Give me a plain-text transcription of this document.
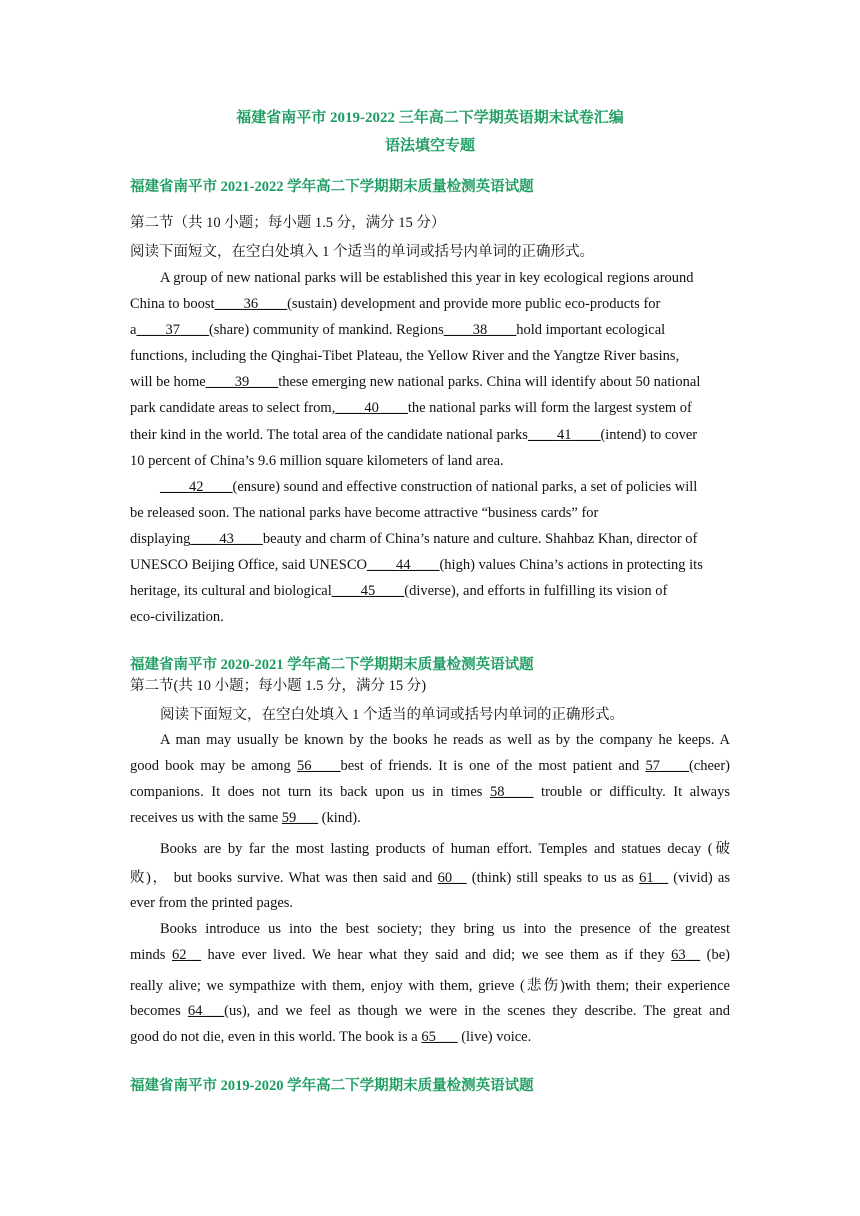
福建省南平市 2019-2022 三年高二下学期英语期末试卷汇编
语法填空专题
福建省南平市 2021-2022 学年高二下学期期末质量检测英语试题
第二节（共 10 小题；每小题 1.5 分，满分 15 分）
阅读下面短文，在空白处填入 1 个适当的单词或括号内单词的正确形式。
A group of new national parks will be established this year in key ecological regions around
China to boost____36____(sustain) development and provide more public eco-products for
a____37____(share) community of mankind. Regions____38____hold important ecological
functions, including the Qinghai-Tibet Plateau, the Yellow River and the Yangtze River basins,
will be home____39____these emerging new national parks. China will identify about 50 national
park candidate areas to select from,____40____the national parks will form the largest system of
their kind in the world. The total area of the candidate national parks____41____(intend) to cover
10 percent of China’s 9.6 million square kilometers of land area.
____42____(ensure) sound and effective construction of national parks, a set of policies will
be released soon. The national parks have become attractive “business cards” for
displaying____43____beauty and charm of China’s nature and culture. Shahbaz Khan, director of
UNESCO Beijing Office, said UNESCO____44____(high) values China’s actions in protecting its
heritage, its cultural and biological____45____(diverse), and efforts in fulfilling its vision of
eco-civilization.
福建省南平市 2020-2021 学年高二下学期期末质量检测英语试题
第二节(共 10 小题；每小题 1.5 分，满分 15 分)
阅读下面短文，在空白处填入 1 个适当的单词或括号内单词的正确形式。
A man may usually be known by the books he reads as well as by the company he keeps. A
good book may be among 56____best of friends. It is one of the most patient and 57____(cheer)
companions. It does not turn its back upon us in times 58____ trouble or difficulty. It always
receives us with the same 59___ (kind).
Books are by far the most lasting products of human effort. Temples and statues decay (破
败)， but books survive. What was then said and 60__ (think) still speaks to us as 61__ (vivid) as
ever from the printed pages.
Books introduce us into the best society; they bring us into the presence of the greatest
minds 62__ have ever lived. We hear what they said and did; we see them as if they 63__ (be)
really alive; we sympathize with them, enjoy with them, grieve (悲伤)with them; their experience
becomes 64___(us), and we feel as though we were in the scenes they describe. The great and
good do not die, even in this world. The book is a 65___ (live) voice.
福建省南平市 2019-2020 学年高二下学期期末质量检测英语试题
